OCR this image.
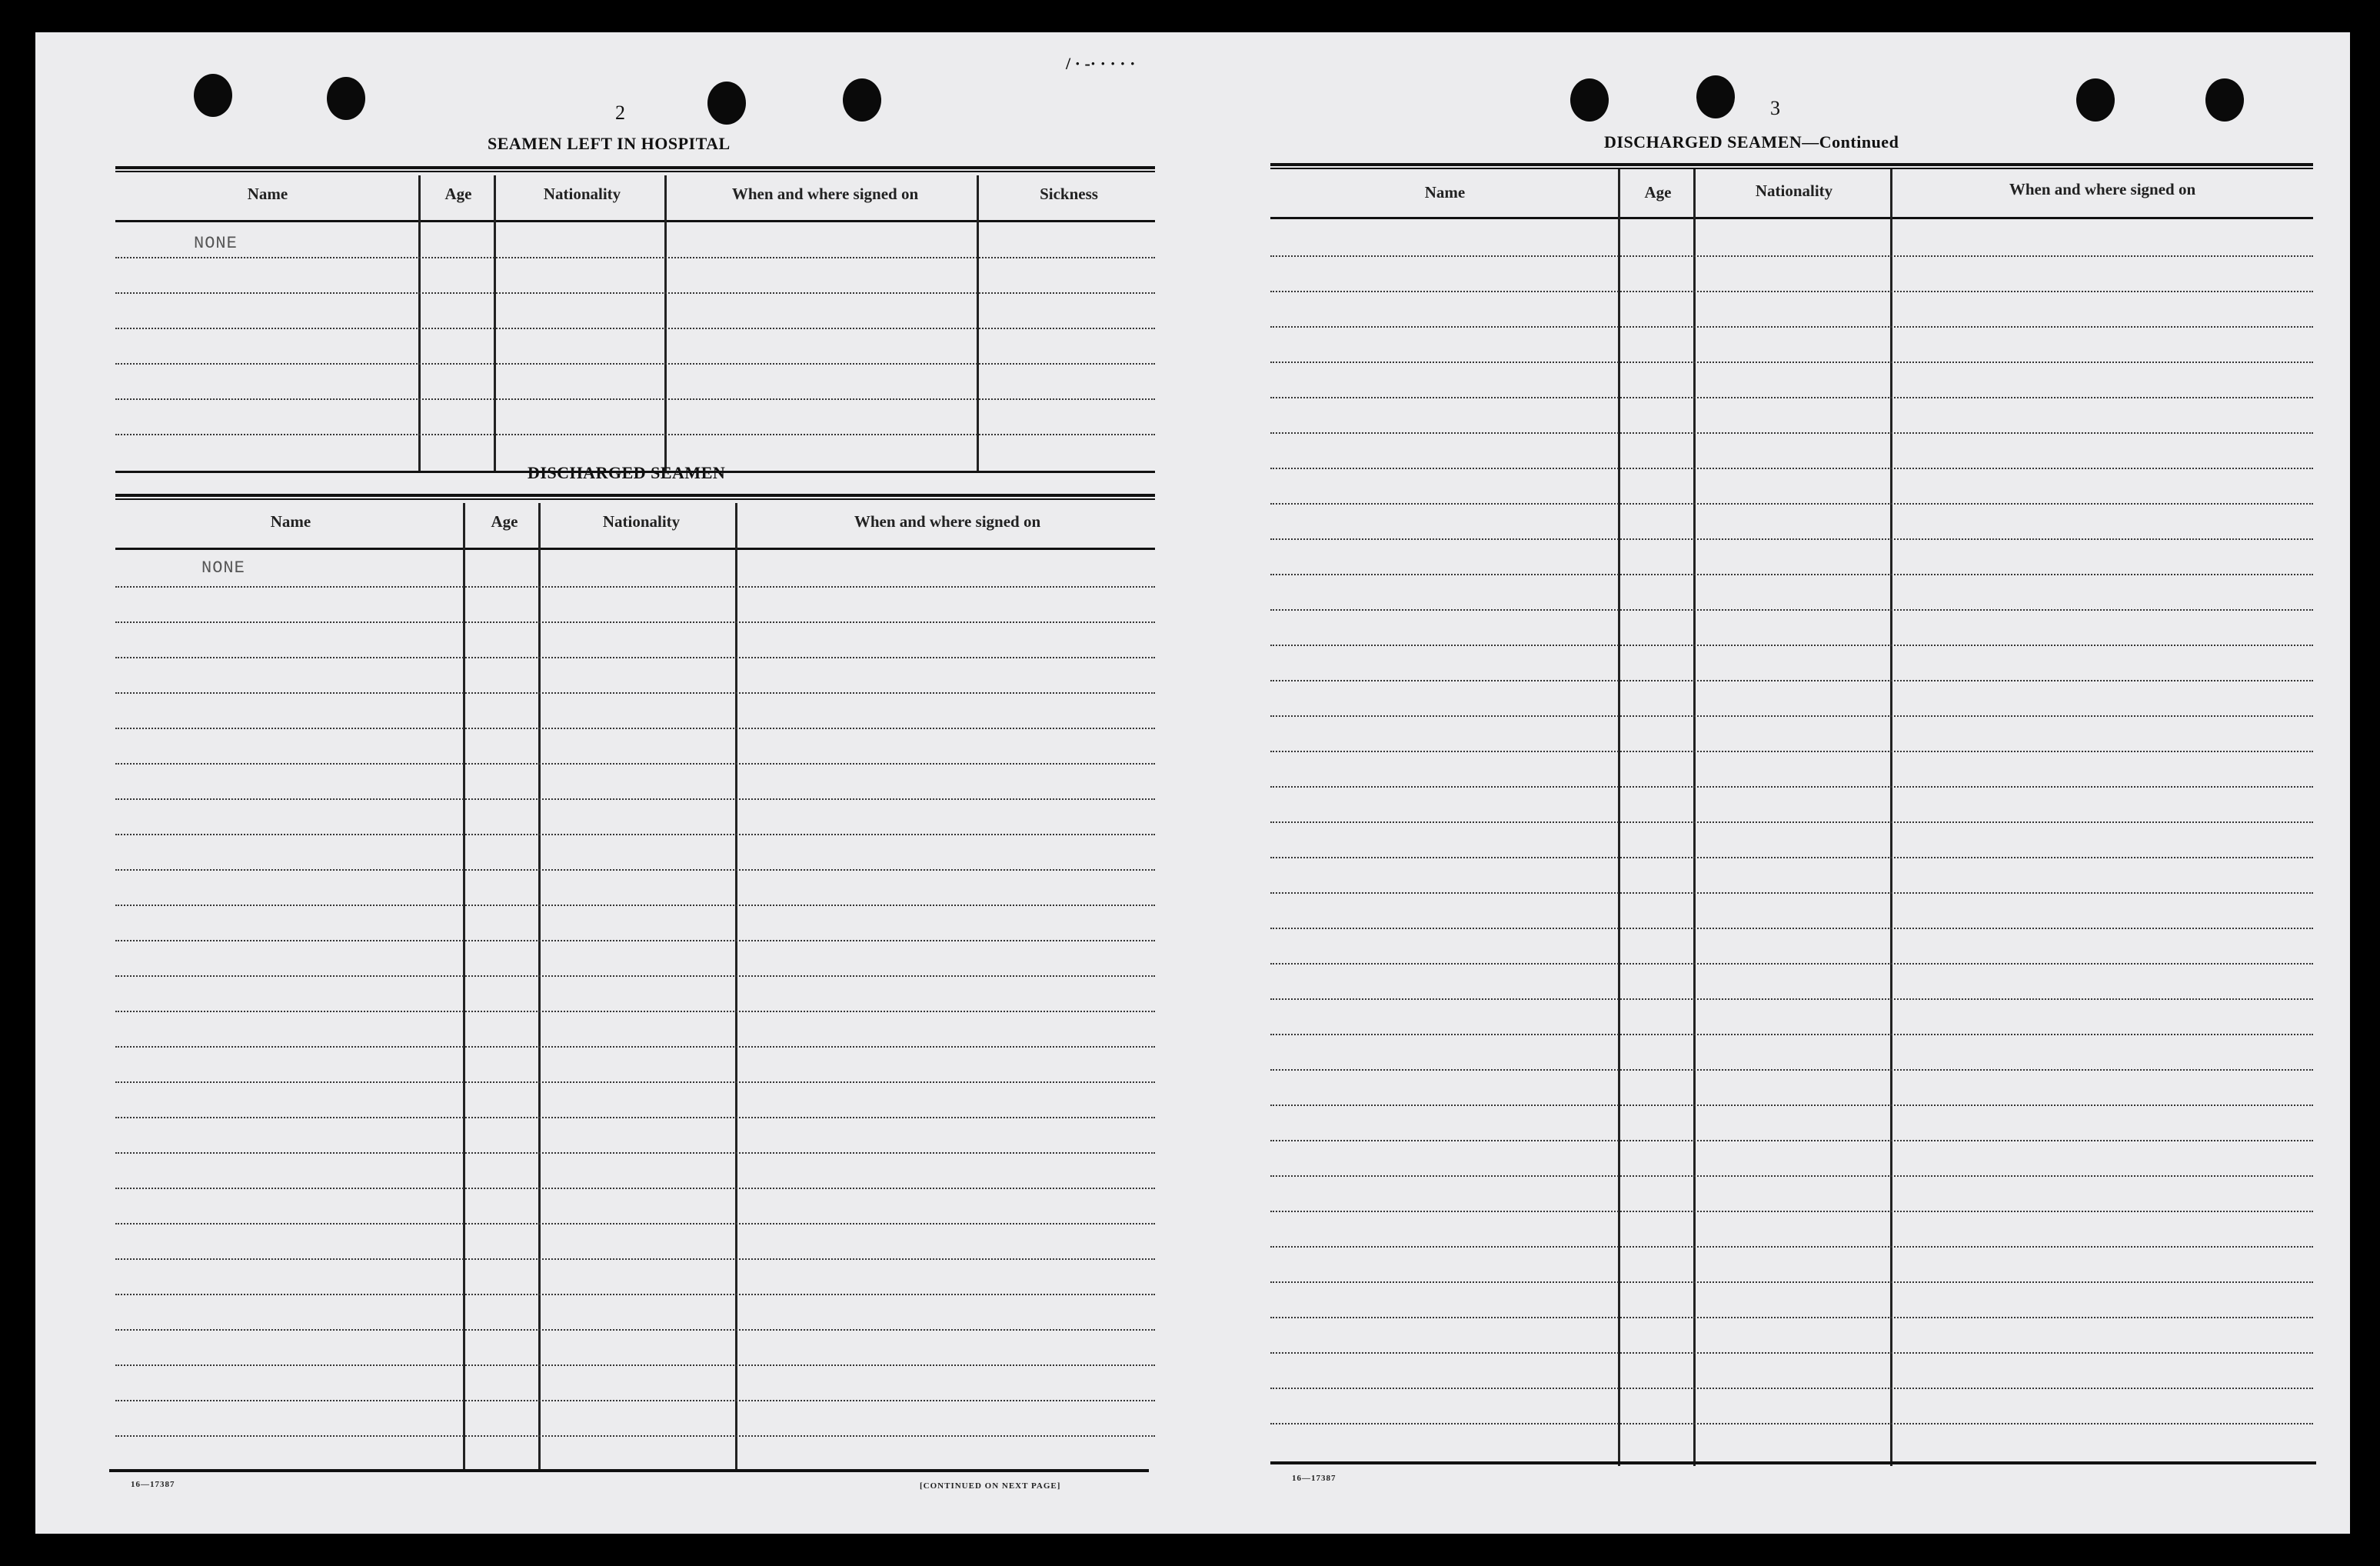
/ · -· · · · ·
2
SEAMEN LEFT IN HOSPITAL
Name	Age	Nationality	When and where signed on	Sickness
NONE
DISCHARGED SEAMEN
Name	Age	Nationality	When and where signed on
NONE
16—17387	[CONTINUED ON NEXT PAGE]
3
DISCHARGED SEAMEN—Continued
Name	Age	Nationality	When and where signed on
16—17387
